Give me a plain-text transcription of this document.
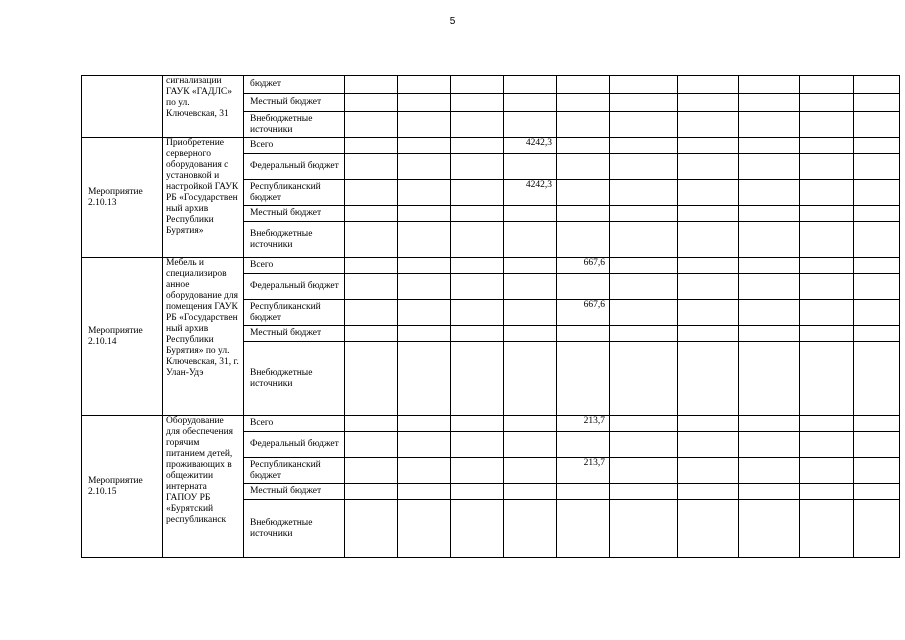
5
	сигнализации ГАУК «ГАДЛС» по ул. Ключевская, 31	бюджет										
		Местный бюджет										
		Внебюджетные источники										
Мероприятие 2.10.13	Приобретение серверного оборудования с установкой и настройкой ГАУК РБ «Государствен ный архив Республики Бурятия»	Всего				4242,3						
		Федеральный бюджет										
		Республиканский бюджет				4242,3						
		Местный бюджет										
		Внебюджетные источники										
Мероприятие 2.10.14	Мебель и специализиров анное оборудование для помещения ГАУК РБ «Государствен ный архив Республики Бурятия» по ул. Ключевская, 31, г. Улан-Удэ	Всего					667,6					
		Федеральный бюджет										
		Республиканский бюджет					667,6					
		Местный бюджет										
		Внебюджетные источники										
Мероприятие 2.10.15	Оборудование для обеспечения горячим питанием детей, проживающих в общежитии интерната ГАПОУ РБ «Бурятский республиканск	Всего					213,7					
		Федеральный бюджет										
		Республиканский бюджет					213,7					
		Местный бюджет										
		Внебюджетные источники										
